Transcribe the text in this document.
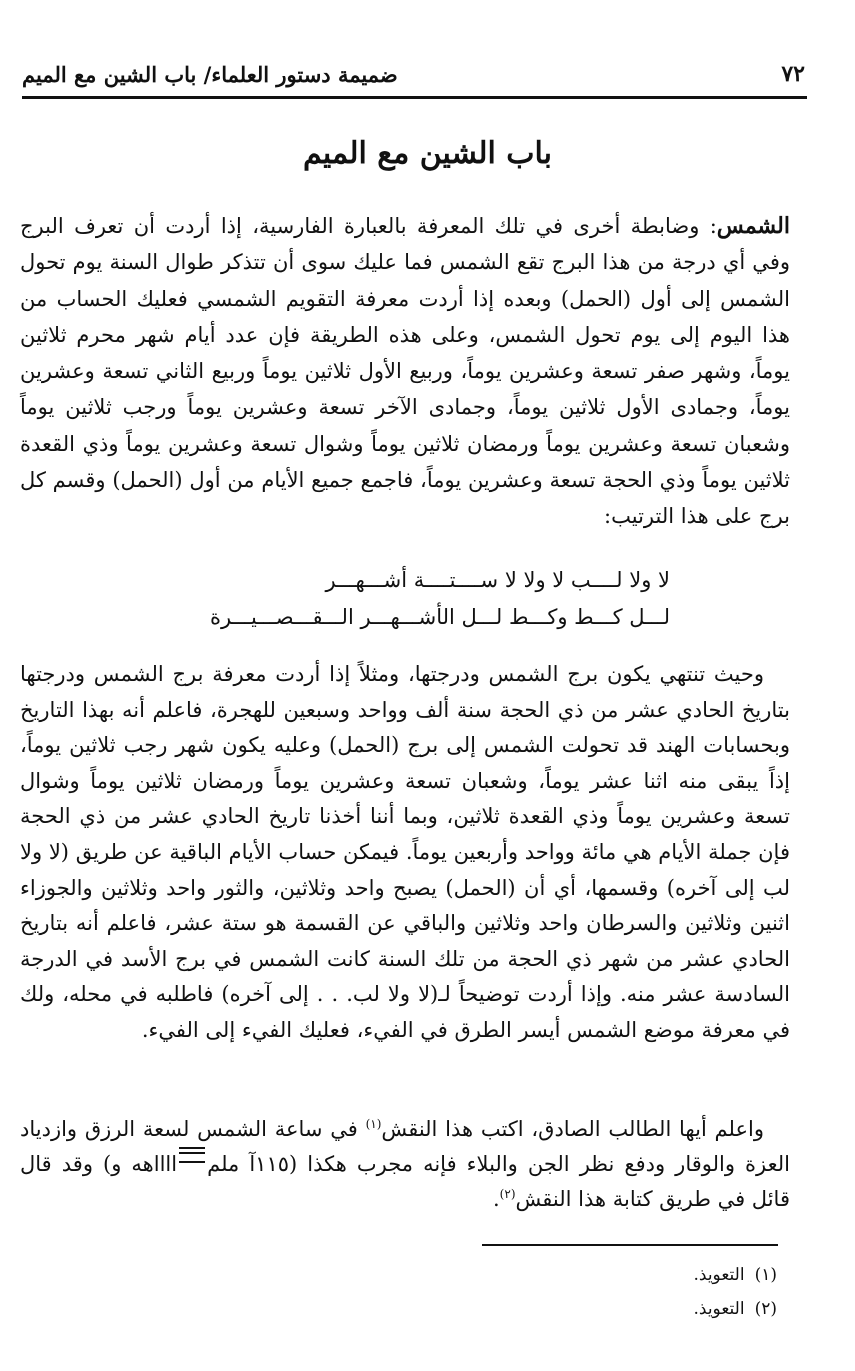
٧٢
ضميمة دستور العلماء/ باب الشين مع الميم
باب الشين مع الميم

الشمس: وضابطة أخرى في تلك المعرفة بالعبارة الفارسية، إذا أردت أن تعرف البرج وفي أي درجة من هذا البرج تقع الشمس فما عليك سوى أن تتذكر طوال السنة يوم تحول الشمس إلى أول (الحمل) وبعده إذا أردت معرفة التقويم الشمسي فعليك الحساب من هذا اليوم إلى يوم تحول الشمس، وعلى هذه الطريقة فإن عدد أيام شهر محرم ثلاثين يوماً، وشهر صفر تسعة وعشرين يوماً، وربيع الأول ثلاثين يوماً وربيع الثاني تسعة وعشرين يوماً، وجمادى الأول ثلاثين يوماً، وجمادى الآخر تسعة وعشرين يوماً ورجب ثلاثين يوماً وشعبان تسعة وعشرين يوماً ورمضان ثلاثين يوماً وشوال تسعة وعشرين يوماً وذي القعدة ثلاثين يوماً وذي الحجة تسعة وعشرين يوماً، فاجمع جميع الأيام من أول (الحمل) وقسم كل برج على هذا الترتيب:

لا ولا لــــب لا ولا لا ســــتــــة أشـــهـــر
لـــل كـــط وكـــط لـــل الأشـــهـــر الـــقـــصـــيـــرة

وحيث تنتهي يكون برج الشمس ودرجتها، ومثلاً إذا أردت معرفة برج الشمس ودرجتها بتاريخ الحادي عشر من ذي الحجة سنة ألف وواحد وسبعين للهجرة، فاعلم أنه بهذا التاريخ وبحسابات الهند قد تحولت الشمس إلى برج (الحمل) وعليه يكون شهر رجب ثلاثين يوماً، إذاً يبقى منه اثنا عشر يوماً، وشعبان تسعة وعشرين يوماً ورمضان ثلاثين يوماً وشوال تسعة وعشرين يوماً وذي القعدة ثلاثين، وبما أننا أخذنا تاريخ الحادي عشر من ذي الحجة فإن جملة الأيام هي مائة وواحد وأربعين يوماً. فيمكن حساب الأيام الباقية عن طريق (لا ولا لب إلى آخره) وقسمها، أي أن (الحمل) يصبح واحد وثلاثين، والثور واحد وثلاثين والجوزاء اثنين وثلاثين والسرطان واحد وثلاثين والباقي عن القسمة هو ستة عشر، فاعلم أنه بتاريخ الحادي عشر من شهر ذي الحجة من تلك السنة كانت الشمس في برج الأسد في الدرجة السادسة عشر منه. وإذا أردت توضيحاً لـ(لا ولا لب. . . إلى آخره) فاطلبه في محله، ولك في معرفة موضع الشمس أيسر الطرق في الفيء، فعليك الفيء إلى الفيء.

واعلم أيها الطالب الصادق، اكتب هذا النقش$^{(١)}$ في ساعة الشمس لسعة الرزق وازدياد العزة والوقار ودفع نظر الجن والبلاء فإنه مجرب هكذا (١١٥آ ملمااااهه و) وقد قال قائل في طريق كتابة هذا النقش$^{(٢)}$.

(١)التعويذ.
(٢)التعويذ.
